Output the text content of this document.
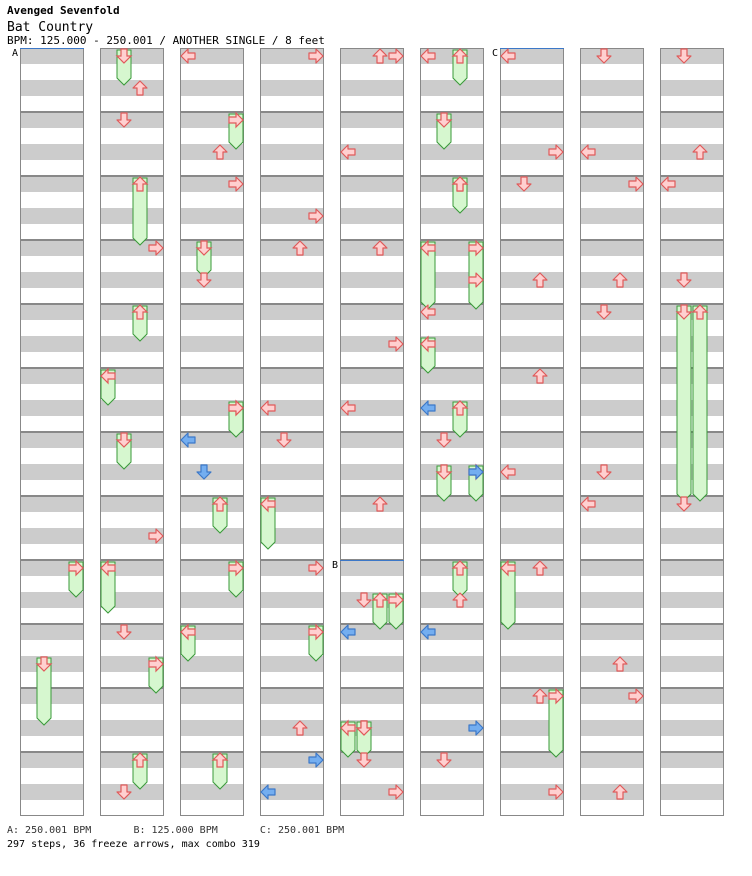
Avenged Sevenfold
Bat Country
BPM: 125.000 - 250.001 / ANOTHER SINGLE / 8 feet
A
B
C
A: 250.001 BPM	B: 125.000 BPM	C: 250.001 BPM
297 steps, 36 freeze arrows, max combo 319
